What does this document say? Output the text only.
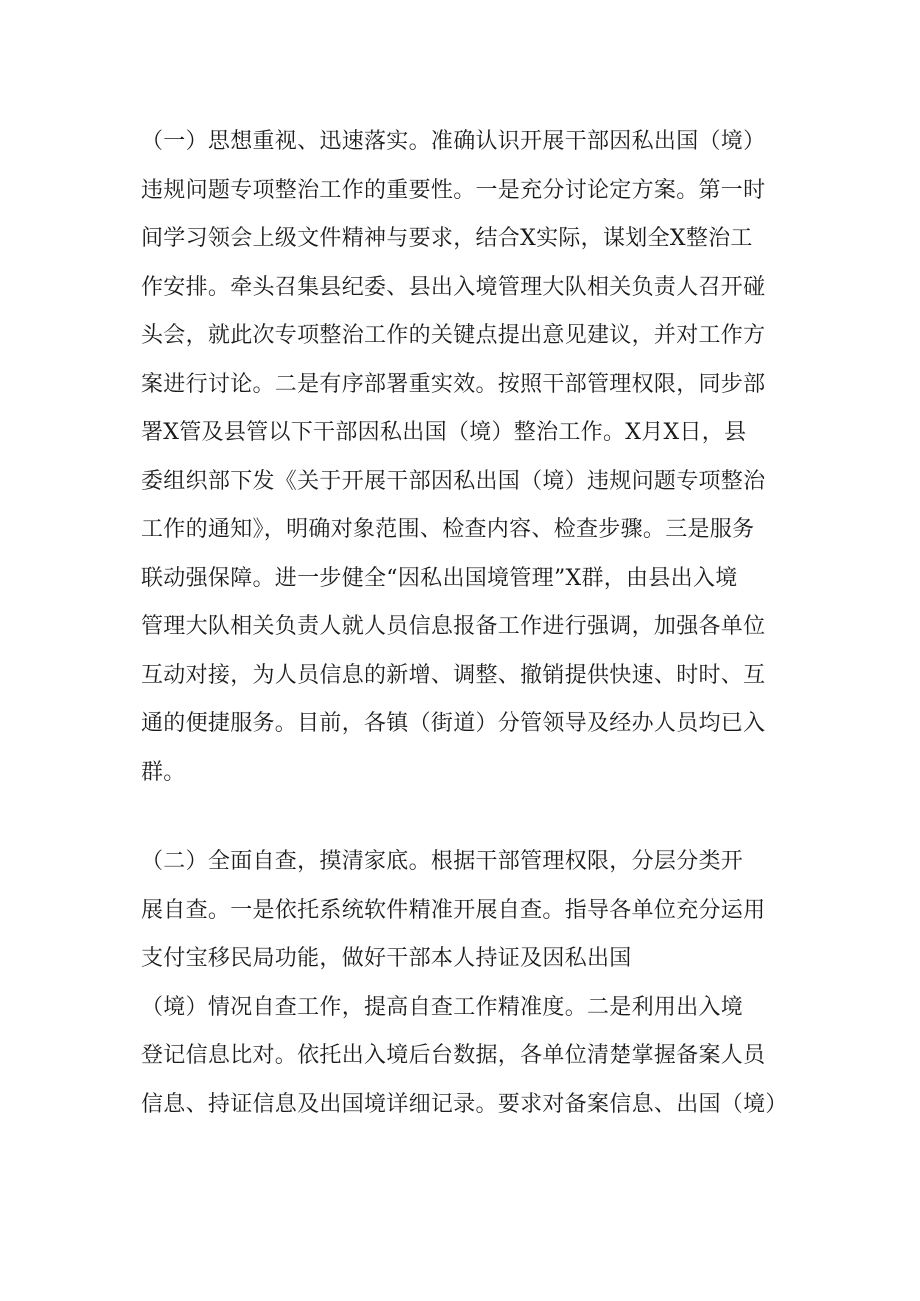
（一）思想重视、迅速落实。准确认识开展干部因私出国（境）
违规问题专项整治工作的重要性。一是充分讨论定方案。第一时
间学习领会上级文件精神与要求，结合X实际，谋划全X整治工
作安排。牵头召集县纪委、县出入境管理大队相关负责人召开碰
头会，就此次专项整治工作的关键点提出意见建议，并对工作方
案进行讨论。二是有序部署重实效。按照干部管理权限，同步部
署X管及县管以下干部因私出国（境）整治工作。X月X日，县
委组织部下发《关于开展干部因私出国（境）违规问题专项整治
工作的通知》，明确对象范围、检查内容、检查步骤。三是服务
联动强保障。进一步健全“因私出国境管理”X群，由县出入境
管理大队相关负责人就人员信息报备工作进行强调，加强各单位
互动对接，为人员信息的新增、调整、撤销提供快速、时时、互
通的便捷服务。目前，各镇（街道）分管领导及经办人员均已入
群。
（二）全面自查，摸清家底。根据干部管理权限，分层分类开
展自查。一是依托系统软件精准开展自查。指导各单位充分运用
支付宝移民局功能，做好干部本人持证及因私出国
（境）情况自查工作，提高自查工作精准度。二是利用出入境
登记信息比对。依托出入境后台数据，各单位清楚掌握备案人员
信息、持证信息及出国境详细记录。要求对备案信息、出国（境）
